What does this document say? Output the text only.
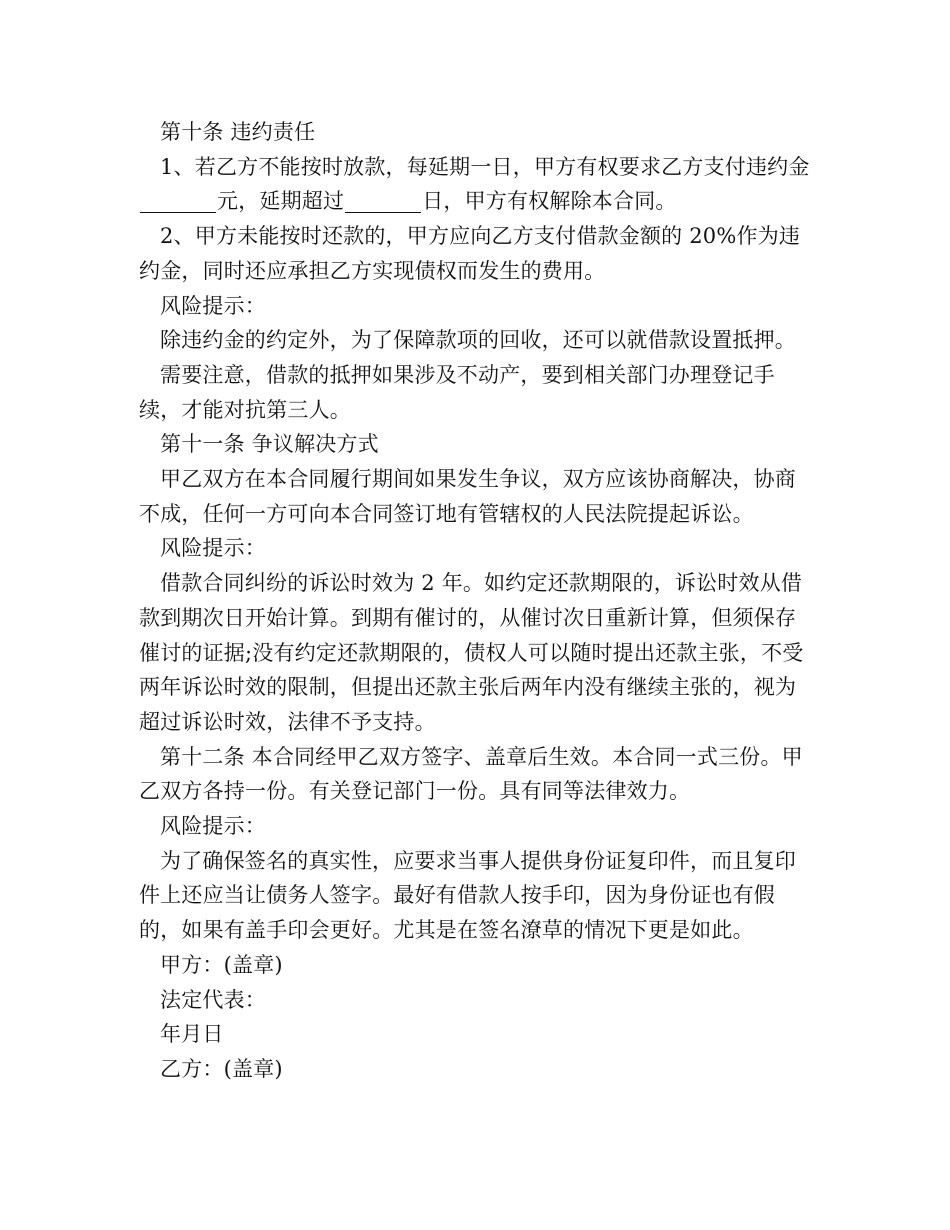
第十条 违约责任

1、若乙方不能按时放款，每延期一日，甲方有权要求乙方支付违约金元，延期超过	日，甲方有权解除本合同。

2、甲方未能按时还款的，甲方应向乙方支付借款金额的 20%作为违约金，同时还应承担乙方实现债权而发生的费用。

风险提示：

除违约金的约定外，为了保障款项的回收，还可以就借款设置抵押。

需要注意，借款的抵押如果涉及不动产，要到相关部门办理登记手续，才能对抗第三人。

第十一条 争议解决方式

甲乙双方在本合同履行期间如果发生争议，双方应该协商解决，协商不成，任何一方可向本合同签订地有管辖权的人民法院提起诉讼。

风险提示：

借款合同纠纷的诉讼时效为 2 年。如约定还款期限的，诉讼时效从借款到期次日开始计算。到期有催讨的，从催讨次日重新计算，但须保存催讨的证据;没有约定还款期限的，债权人可以随时提出还款主张，不受两年诉讼时效的限制，但提出还款主张后两年内没有继续主张的，视为超过诉讼时效，法律不予支持。

第十二条 本合同经甲乙双方签字、盖章后生效。本合同一式三份。甲乙双方各持一份。有关登记部门一份。具有同等法律效力。

风险提示：

为了确保签名的真实性，应要求当事人提供身份证复印件，而且复印件上还应当让债务人签字。最好有借款人按手印，因为身份证也有假的，如果有盖手印会更好。尤其是在签名潦草的情况下更是如此。

甲方：(盖章)

法定代表：

年月日

乙方：(盖章)
